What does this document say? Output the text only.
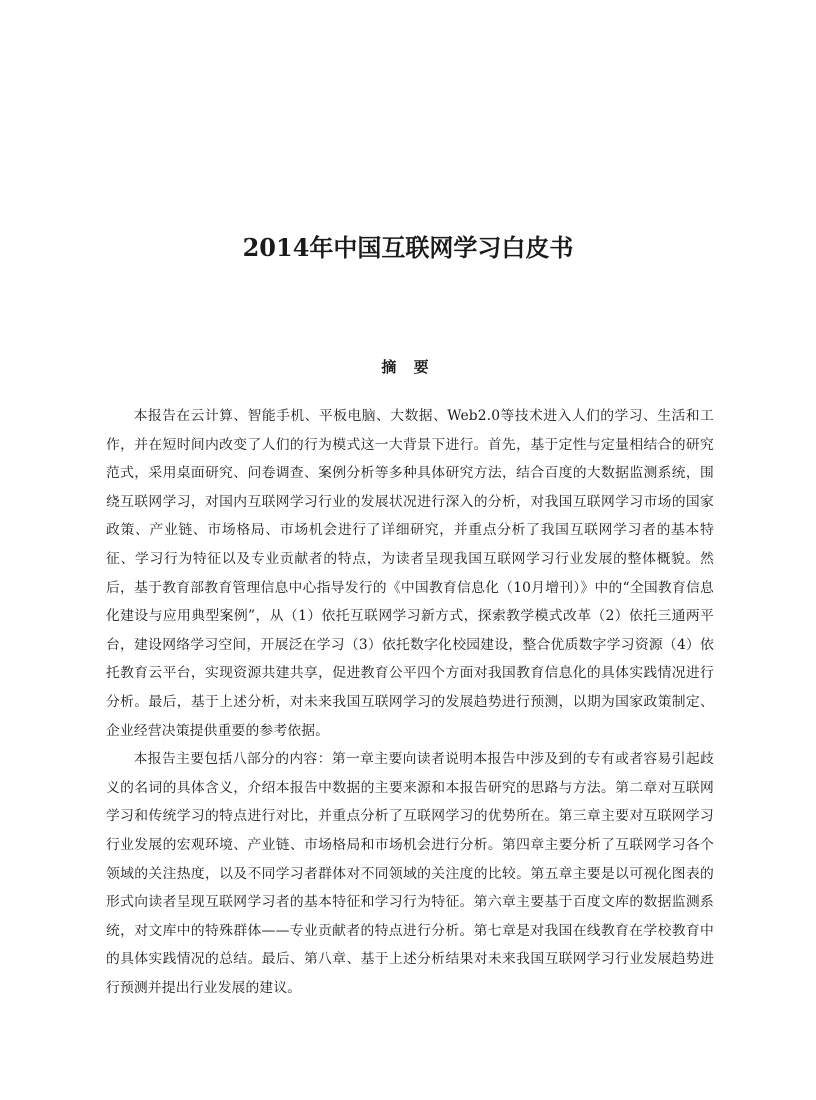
2014年中国互联网学习白皮书
摘 要

本报告在云计算、智能手机、平板电脑、大数据、Web2.0等技术进入人们的学习、生活和工作，并在短时间内改变了人们的行为模式这一大背景下进行。首先，基于定性与定量相结合的研究范式，采用桌面研究、问卷调查、案例分析等多种具体研究方法，结合百度的大数据监测系统，围绕互联网学习，对国内互联网学习行业的发展状况进行深入的分析，对我国互联网学习市场的国家政策、产业链、市场格局、市场机会进行了详细研究，并重点分析了我国互联网学习者的基本特征、学习行为特征以及专业贡献者的特点，为读者呈现我国互联网学习行业发展的整体概貌。然后，基于教育部教育管理信息中心指导发行的《中国教育信息化（10月增刊）》中的“全国教育信息化建设与应用典型案例”，从（1）依托互联网学习新方式，探索教学模式改革（2）依托三通两平台，建设网络学习空间，开展泛在学习（3）依托数字化校园建设，整合优质数字学习资源（4）依托教育云平台，实现资源共建共享，促进教育公平四个方面对我国教育信息化的具体实践情况进行分析。最后，基于上述分析，对未来我国互联网学习的发展趋势进行预测，以期为国家政策制定、企业经营决策提供重要的参考依据。

本报告主要包括八部分的内容：第一章主要向读者说明本报告中涉及到的专有或者容易引起歧义的名词的具体含义，介绍本报告中数据的主要来源和本报告研究的思路与方法。第二章对互联网学习和传统学习的特点进行对比，并重点分析了互联网学习的优势所在。第三章主要对互联网学习行业发展的宏观环境、产业链、市场格局和市场机会进行分析。第四章主要分析了互联网学习各个领域的关注热度，以及不同学习者群体对不同领域的关注度的比较。第五章主要是以可视化图表的形式向读者呈现互联网学习者的基本特征和学习行为特征。第六章主要基于百度文库的数据监测系统，对文库中的特殊群体——专业贡献者的特点进行分析。第七章是对我国在线教育在学校教育中的具体实践情况的总结。最后、第八章、基于上述分析结果对未来我国互联网学习行业发展趋势进行预测并提出行业发展的建议。
